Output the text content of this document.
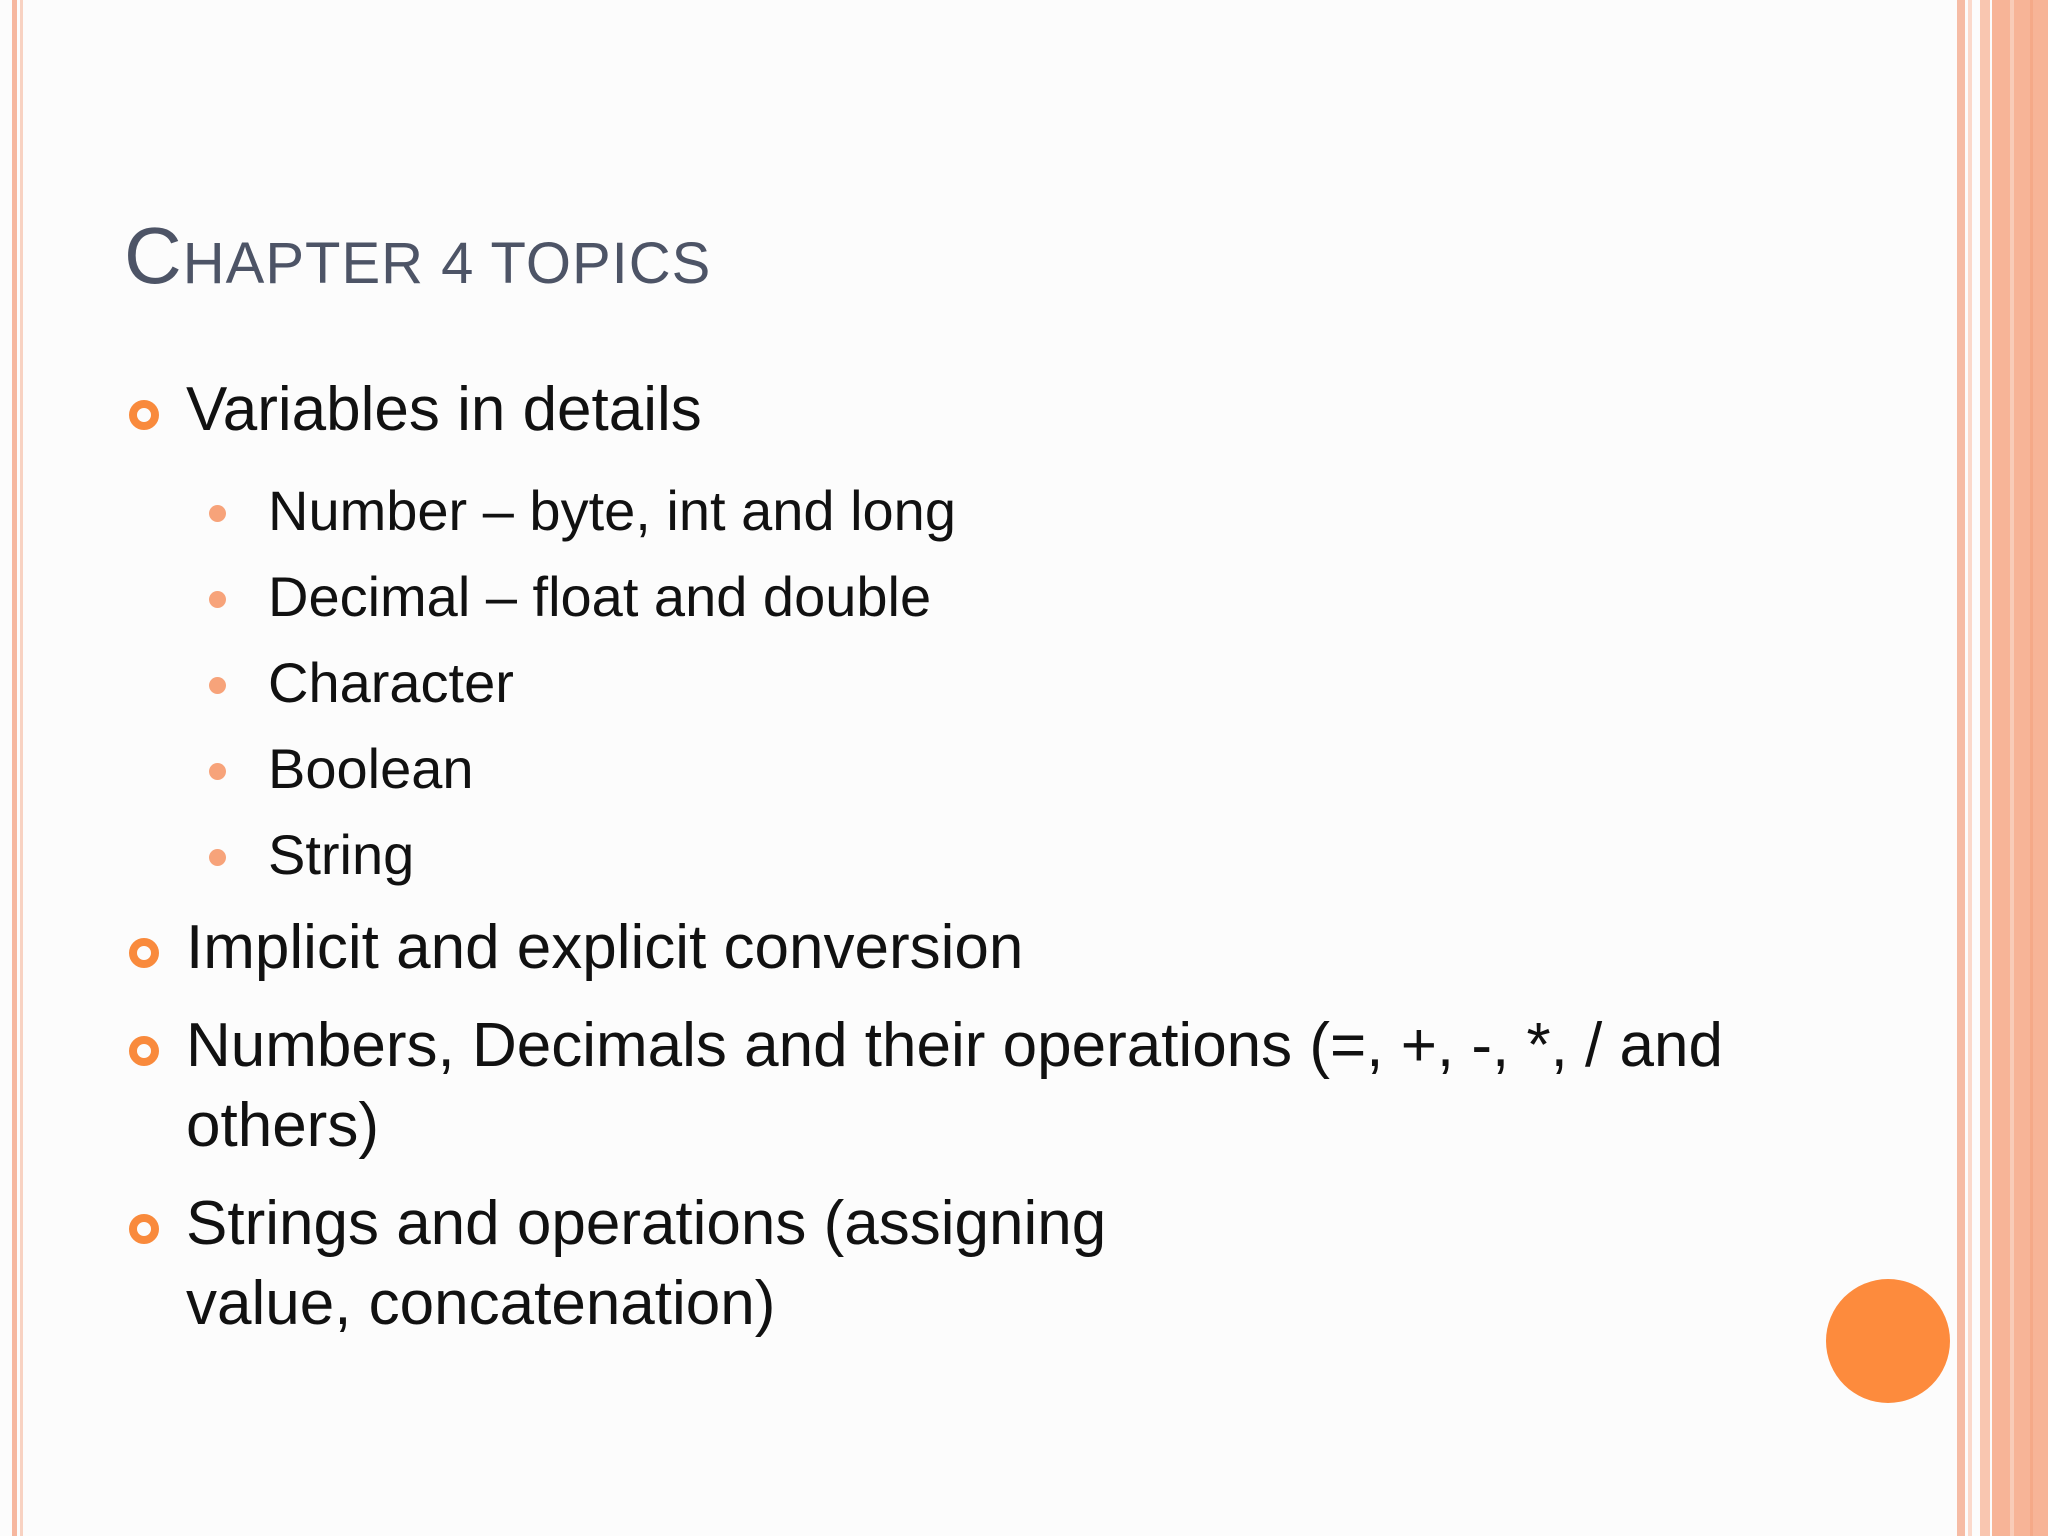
CHAPTER 4 TOPICS
Variables in details
Number – byte, int and long
Decimal – float and double
Character
Boolean
String
Implicit and explicit conversion
Numbers, Decimals and their operations (=, +, -, *, / and others)
Strings and operations (assigning value, concatenation)
